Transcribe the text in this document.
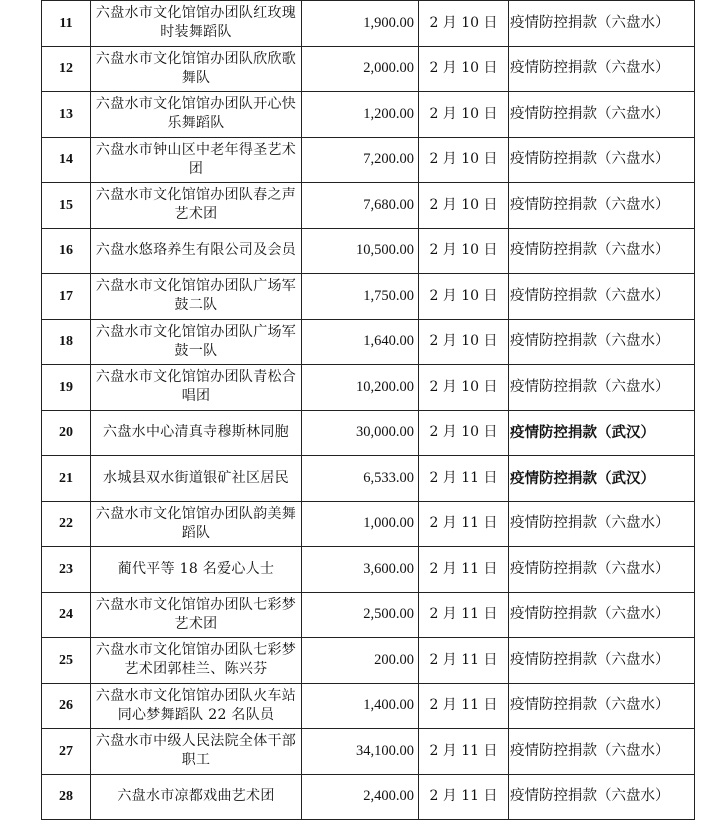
11	六盘水市文化馆馆办团队红玫瑰时装舞蹈队	1,900.00	2 月 10 日	疫情防控捐款（六盘水）
12	六盘水市文化馆馆办团队欣欣歌舞队	2,000.00	2 月 10 日	疫情防控捐款（六盘水）
13	六盘水市文化馆馆办团队开心快乐舞蹈队	1,200.00	2 月 10 日	疫情防控捐款（六盘水）
14	六盘水市钟山区中老年得圣艺术团	7,200.00	2 月 10 日	疫情防控捐款（六盘水）
15	六盘水市文化馆馆办团队春之声艺术团	7,680.00	2 月 10 日	疫情防控捐款（六盘水）
16	六盘水悠珞养生有限公司及会员	10,500.00	2 月 10 日	疫情防控捐款（六盘水）
17	六盘水市文化馆馆办团队广场军鼓二队	1,750.00	2 月 10 日	疫情防控捐款（六盘水）
18	六盘水市文化馆馆办团队广场军鼓一队	1,640.00	2 月 10 日	疫情防控捐款（六盘水）
19	六盘水市文化馆馆办团队青松合唱团	10,200.00	2 月 10 日	疫情防控捐款（六盘水）
20	六盘水中心清真寺穆斯林同胞	30,000.00	2 月 10 日	疫情防控捐款（武汉）
21	水城县双水街道银矿社区居民	6,533.00	2 月 11 日	疫情防控捐款（武汉）
22	六盘水市文化馆馆办团队韵美舞蹈队	1,000.00	2 月 11 日	疫情防控捐款（六盘水）
23	蔺代平等 18 名爱心人士	3,600.00	2 月 11 日	疫情防控捐款（六盘水）
24	六盘水市文化馆馆办团队七彩梦艺术团	2,500.00	2 月 11 日	疫情防控捐款（六盘水）
25	六盘水市文化馆馆办团队七彩梦艺术团郭桂兰、陈兴芬	200.00	2 月 11 日	疫情防控捐款（六盘水）
26	六盘水市文化馆馆办团队火车站同心梦舞蹈队 22 名队员	1,400.00	2 月 11 日	疫情防控捐款（六盘水）
27	六盘水市中级人民法院全体干部职工	34,100.00	2 月 11 日	疫情防控捐款（六盘水）
28	六盘水市凉都戏曲艺术团	2,400.00	2 月 11 日	疫情防控捐款（六盘水）
